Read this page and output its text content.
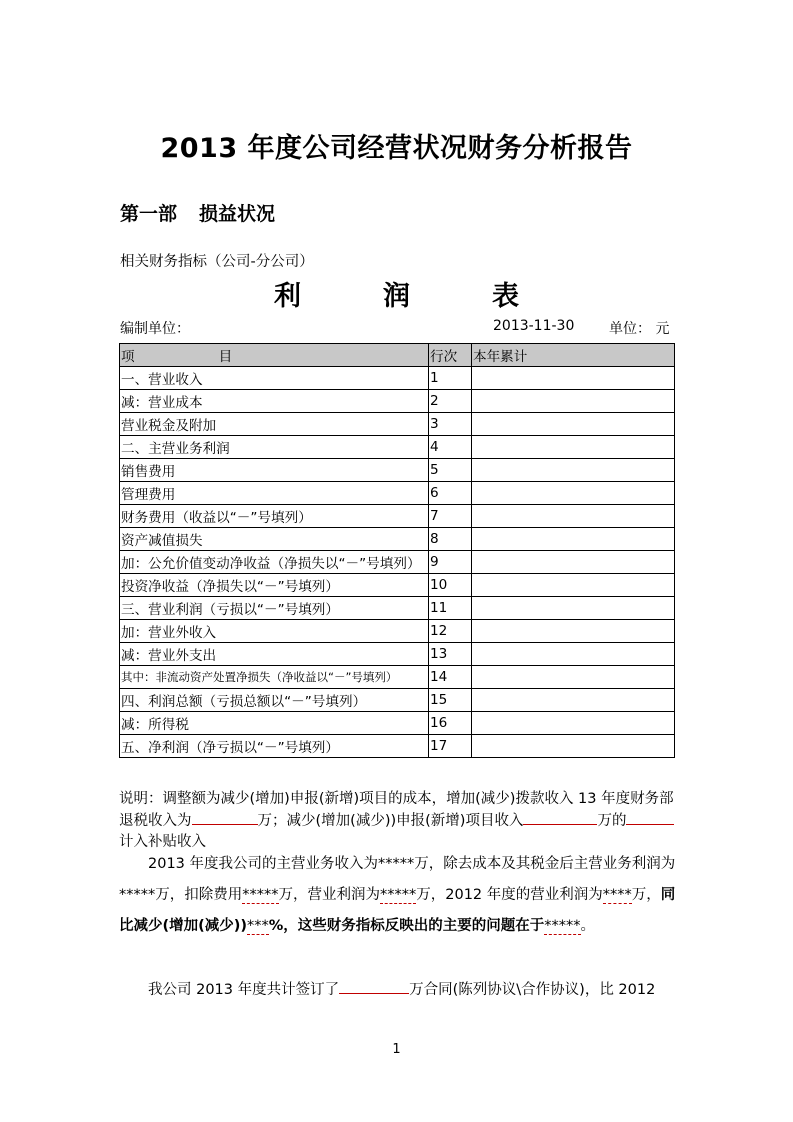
2013 年度公司经营状况财务分析报告
第一部 损益状况
相关财务指标（公司-分公司）
利	润	表
编制单位：	2013-11-30 单位： 元
项 目	行次	本年累计
一、营业收入	1	
减：营业成本	2	
营业税金及附加	3	
二、主营业务利润	4	
销售费用	5	
管理费用	6	
财务费用（收益以“－”号填列）	7	
资产减值损失	8	
加：公允价值变动净收益（净损失以“－”号填列）	9	
投资净收益（净损失以“－”号填列）	10	
三、营业利润（亏损以“－”号填列）	11	
加：营业外收入	12	
减：营业外支出	13	
其中：非流动资产处置净损失（净收益以“－”号填列）	14	
四、利润总额（亏损总额以“－”号填列）	15	
减：所得税	16	
五、净利润（净亏损以“－”号填列）	17	
说明：调整额为减少(增加)申报(新增)项目的成本，增加(减少)拨款收入 13 年度财务部退税收入为	万；减少(增加(减少))申报(新增)项目收入	万的计入补贴收入
2013 年度我公司的主营业务收入为*****万，除去成本及其税金后主营业务利润为*****万，扣除费用*****万，营业利润为*****万，2012 年度的营业利润为****万，同比减少(增加(减少))***%，这些财务指标反映出的主要的问题在于*****。
我公司 2013 年度共计签订了	万合同(陈列协议\合作协议)，比 2012
1
